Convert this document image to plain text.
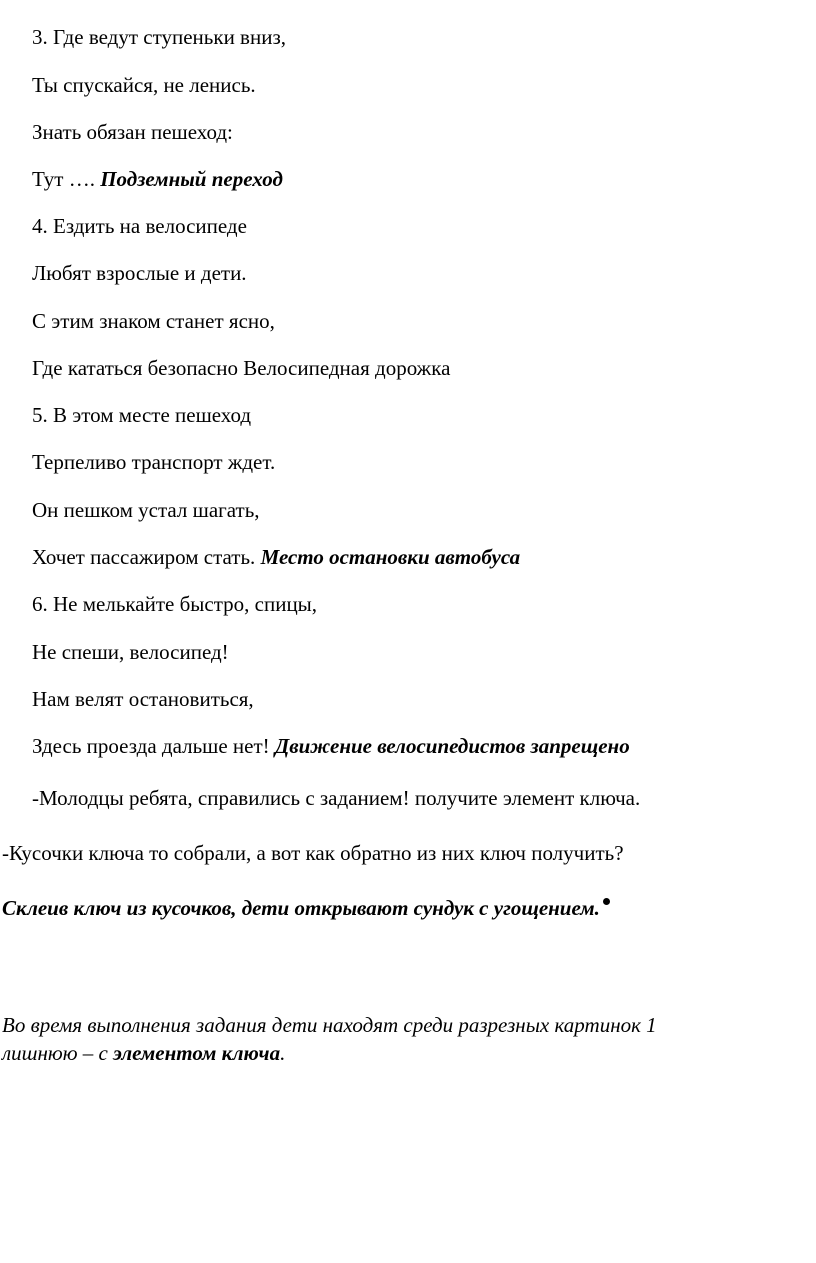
3. Где ведут ступеньки вниз,
Ты спускайся, не ленись.
Знать обязан пешеход:
Тут …. Подземный переход
4. Ездить на велосипеде
Любят взрослые и дети.
С этим знаком станет ясно,
Где кататься безопасно Велосипедная дорожка
5. В этом месте пешеход
Терпеливо транспорт ждет.
Он пешком устал шагать,
Хочет пассажиром стать. Место остановки автобуса
6. Не мелькайте быстро, спицы,
Не спеши, велосипед!
Нам велят остановиться,
Здесь проезда дальше нет! Движение велосипедистов запрещено
-Молодцы ребята, справились с заданием! получите элемент ключа.
-Кусочки ключа то собрали, а вот как обратно из них ключ получить?
Склеив ключ из кусочков, дети открывают сундук с угощением.
Во время выполнения задания дети находят среди разрезных картинок 1
лишнюю – с элементом ключа.
